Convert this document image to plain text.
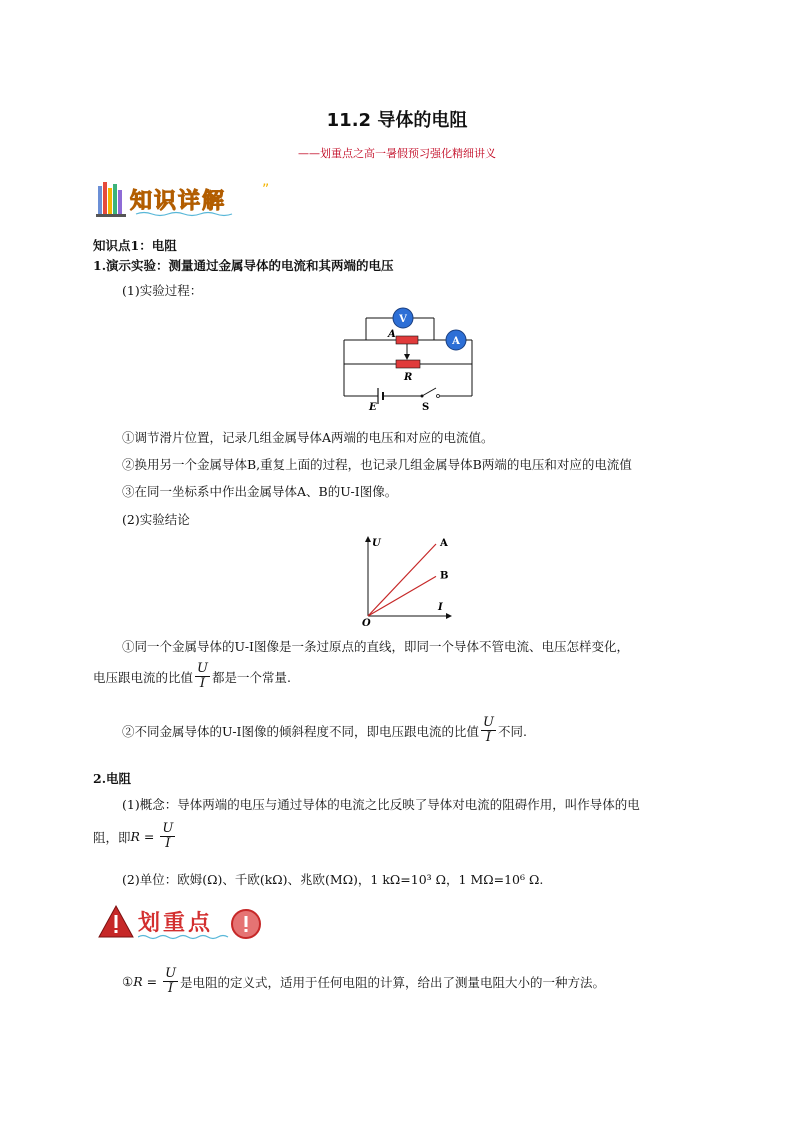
11.2 导体的电阻
——划重点之高一暑假预习强化精细讲义
”
知识详解
知识点1：电阻
1.演示实验：测量通过金属导体的电流和其两端的电压
(1)实验过程：
V
A
A
R
E	S
①调节滑片位置，记录几组金属导体A两端的电压和对应的电流值。
②换用另一个金属导体B,重复上面的过程，也记录几组金属导体B两端的电压和对应的电流值
③在同一坐标系中作出金属导体A、B的U-I图像。
(2)实验结论
U
I
O
A
B
①同一个金属导体的U-I图像是一条过原点的直线，即同一个导体不管电流、电压怎样变化，
电压跟电流的比值 $\frac{U}{I}$ 都是一个常量.
②不同金属导体的U-I图像的倾斜程度不同，即电压跟电流的比值 $\frac{U}{I}$ 不同.
2.电阻
(1)概念：导体两端的电压与通过导体的电流之比反映了导体对电流的阻碍作用，叫作导体的电
阻，即 $R = \frac{U}{I}$
(2)单位：欧姆(Ω)、千欧(kΩ)、兆欧(MΩ)，1 kΩ=10³ Ω，1 MΩ=10⁶ Ω.
划重点
① $R = \frac{U}{I}$ 是电阻的定义式，适用于任何电阻的计算，给出了测量电阻大小的一种方法。
